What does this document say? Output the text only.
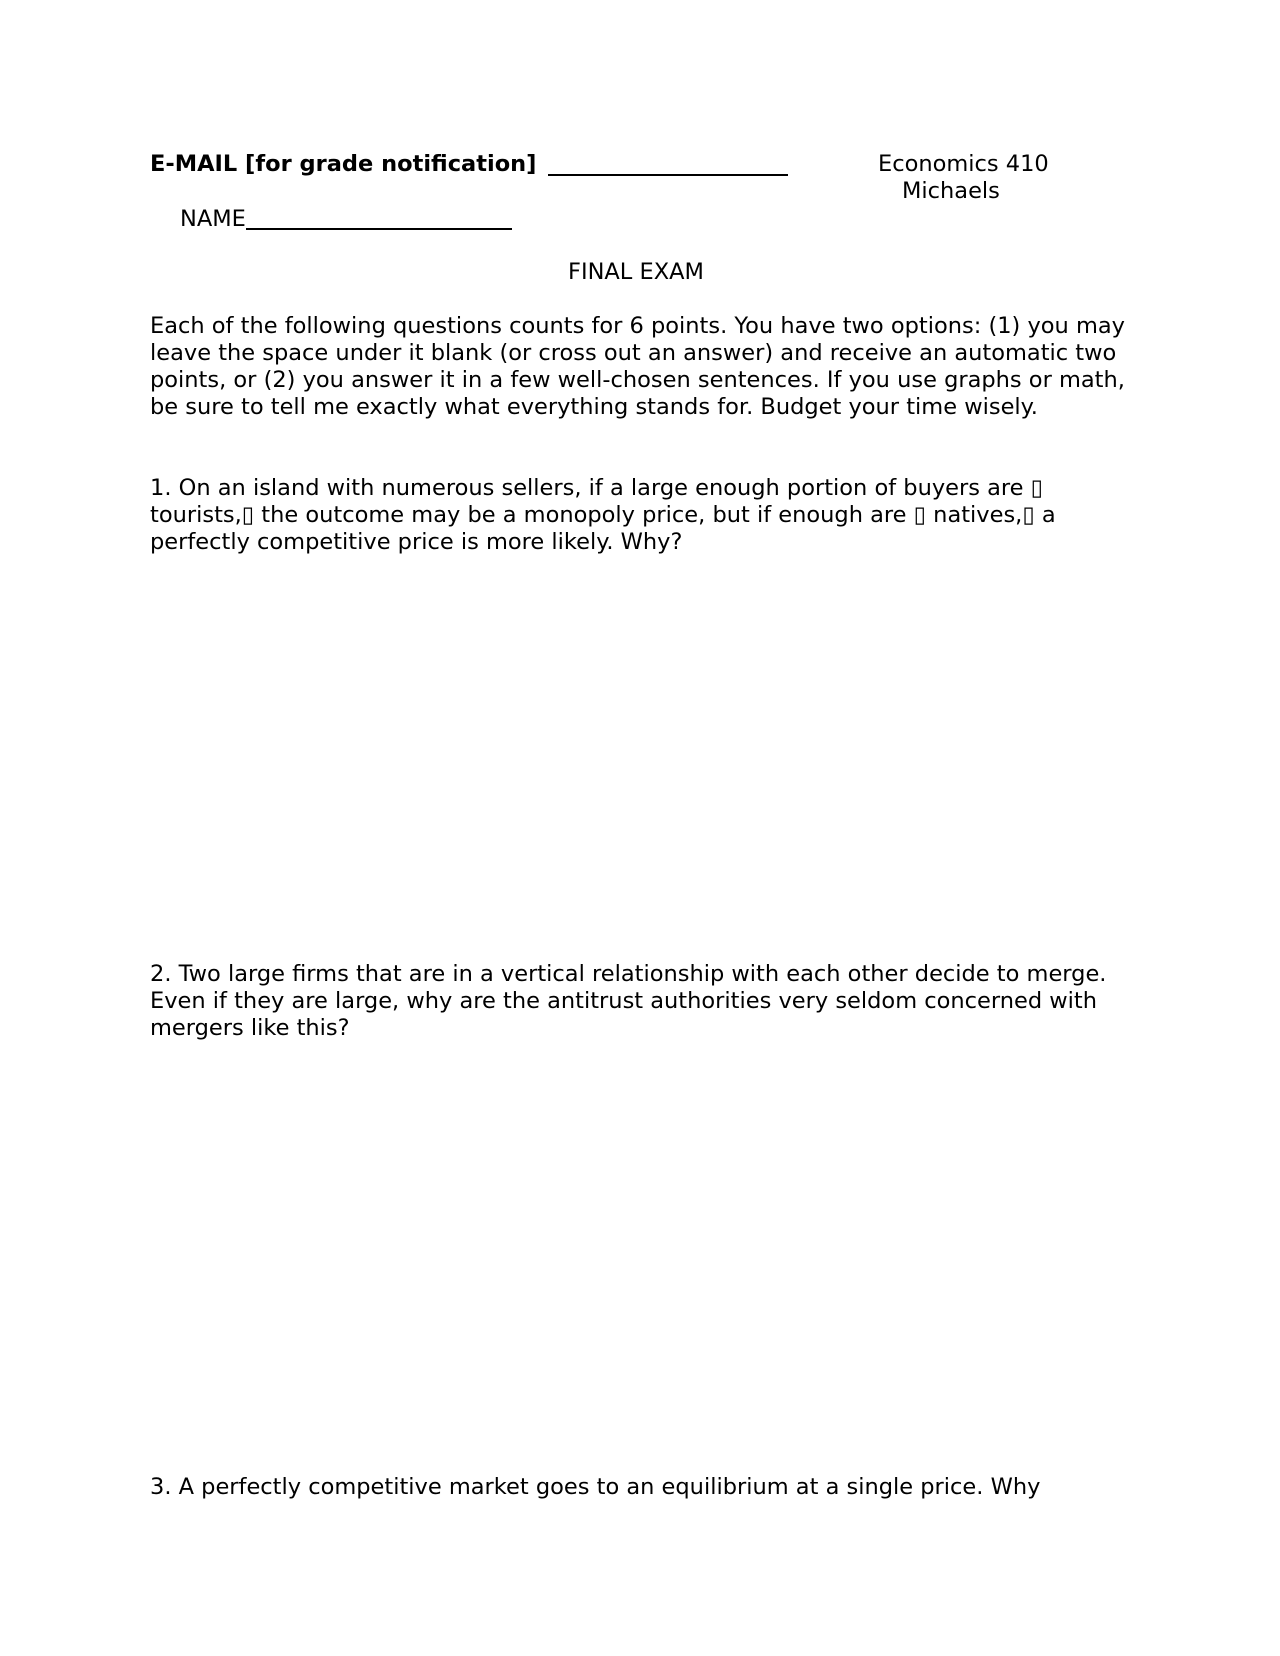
E-MAIL [for grade notification]	Economics 410
Michaels
NAME
FINAL EXAM
Each of the following questions counts for 6 points. You have two options: (1) you may leave the space under it blank (or cross out an answer) and receive an automatic two points, or (2) you answer it in a few well-chosen sentences. If you use graphs or math, be sure to tell me exactly what everything stands for. Budget your time wisely.
1. On an island with numerous sellers, if a large enough portion of buyers are ▯ tourists,▯ the outcome may be a monopoly price, but if enough are ▯ natives,▯ a perfectly competitive price is more likely. Why?
2. Two large firms that are in a vertical relationship with each other decide to merge. Even if they are large, why are the antitrust authorities very seldom concerned with mergers like this?
3. A perfectly competitive market goes to an equilibrium at a single price. Why
